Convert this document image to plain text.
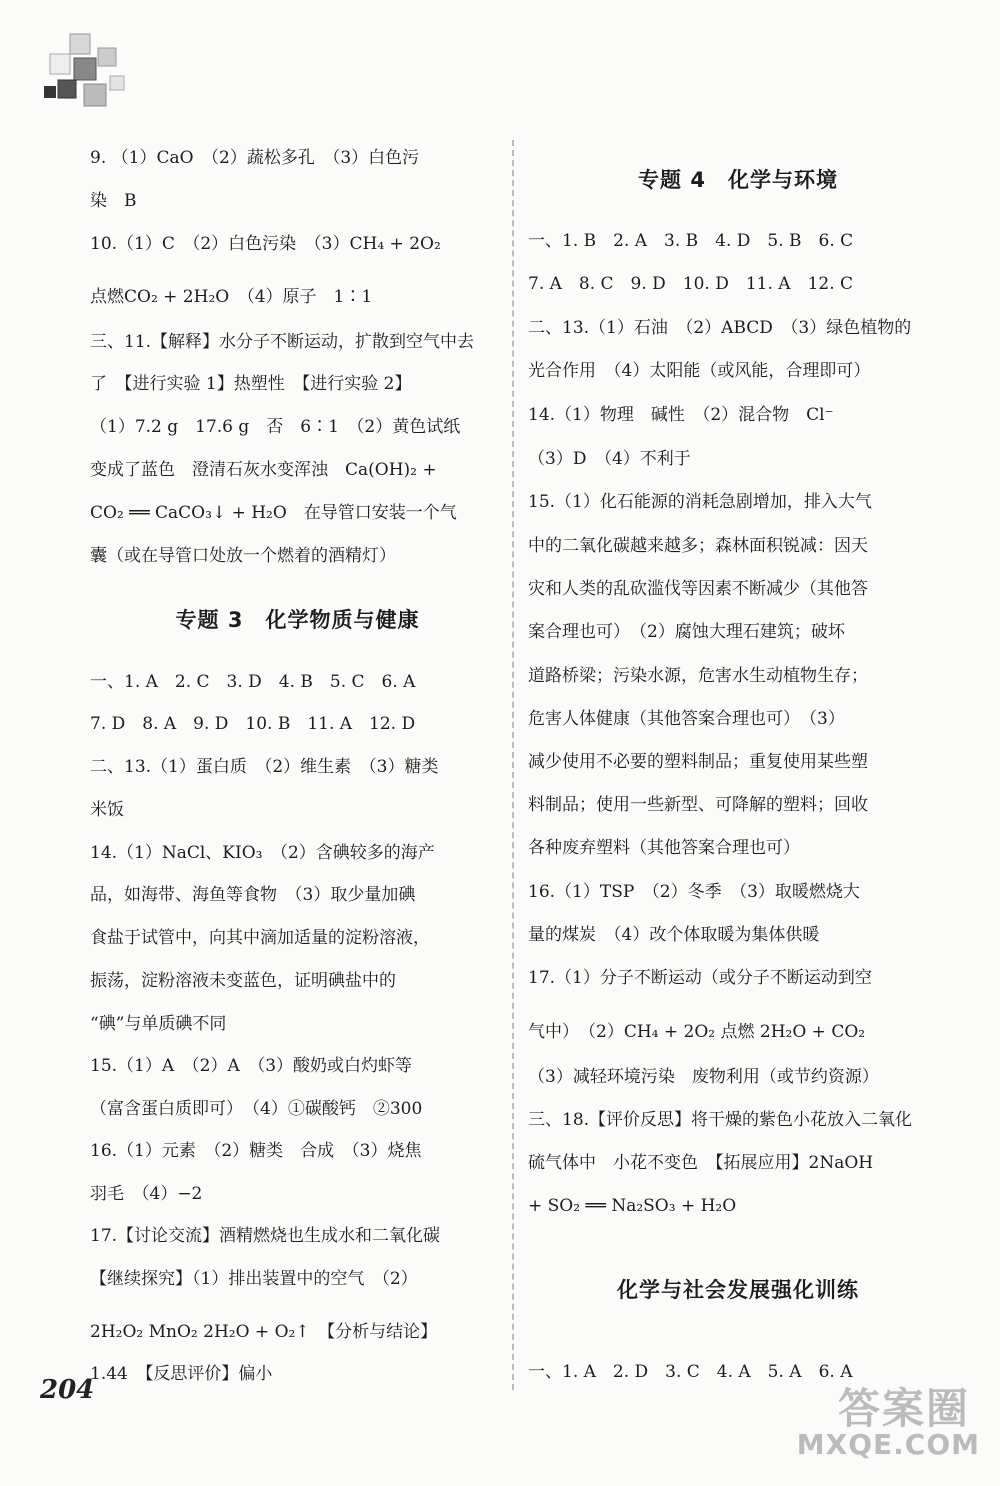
9. （1）CaO　（2）蔬松多孔　（3）白色污
染　B
10.（1）C　（2）白色污染　（3）CH₄ + 2O₂
点燃CO₂ + 2H₂O　（4）原子　1∶1
三、11.【解释】水分子不断运动，扩散到空气中去
了　【进行实验 1】热塑性　【进行实验 2】
（1）7.2 g　17.6 g　否　6∶1　（2）黄色试纸
变成了蓝色　澄清石灰水变浑浊　Ca(OH)₂ +
CO₂ ══ CaCO₃↓ + H₂O　在导管口安装一个气
囊（或在导管口处放一个燃着的酒精灯）
专题 3　化学物质与健康
一、1. A　2. C　3. D　4. B　5. C　6. A
7. D　8. A　9. D　10. B　11. A　12. D
二、13.（1）蛋白质　（2）维生素　（3）糖类
米饭
14.（1）NaCl、KIO₃　（2）含碘较多的海产
品，如海带、海鱼等食物　（3）取少量加碘
食盐于试管中，向其中滴加适量的淀粉溶液，
振荡，淀粉溶液未变蓝色，证明碘盐中的
“碘”与单质碘不同
15.（1）A　（2）A　（3）酸奶或白灼虾等
（富含蛋白质即可）　（4）①碳酸钙　②300
16.（1）元素　（2）糖类　合成　（3）烧焦
羽毛　（4）−2
17.【讨论交流】酒精燃烧也生成水和二氧化碳
【继续探究】（1）排出装置中的空气　（2）
2H₂O₂ MnO₂ 2H₂O + O₂↑　【分析与结论】
1.44　【反思评价】偏小
专题 4　化学与环境
一、1. B　2. A　3. B　4. D　5. B　6. C
7. A　8. C　9. D　10. D　11. A　12. C
二、13.（1）石油　（2）ABCD　（3）绿色植物的
光合作用　（4）太阳能（或风能，合理即可）
14.（1）物理　碱性　（2）混合物　Cl⁻
（3）D　（4）不利于
15.（1）化石能源的消耗急剧增加，排入大气
中的二氧化碳越来越多；森林面积锐减：因天
灾和人类的乱砍滥伐等因素不断减少（其他答
案合理也可）　（2）腐蚀大理石建筑；破坏
道路桥梁；污染水源，危害水生动植物生存；
危害人体健康（其他答案合理也可）　（3）
减少使用不必要的塑料制品；重复使用某些塑
料制品；使用一些新型、可降解的塑料；回收
各种废弃塑料（其他答案合理也可）
16.（1）TSP　（2）冬季　（3）取暖燃烧大
量的煤炭　（4）改个体取暖为集体供暖
17.（1）分子不断运动（或分子不断运动到空
气中）　（2）CH₄ + 2O₂ 点燃 2H₂O + CO₂
（3）减轻环境污染　废物利用（或节约资源）
三、18.【评价反思】将干燥的紫色小花放入二氧化
硫气体中　小花不变色　【拓展应用】2NaOH
+ SO₂ ══ Na₂SO₃ + H₂O
化学与社会发展强化训练
一、1. A　2. D　3. C　4. A　5. A　6. A
204	答案圈
MXQE.COM
